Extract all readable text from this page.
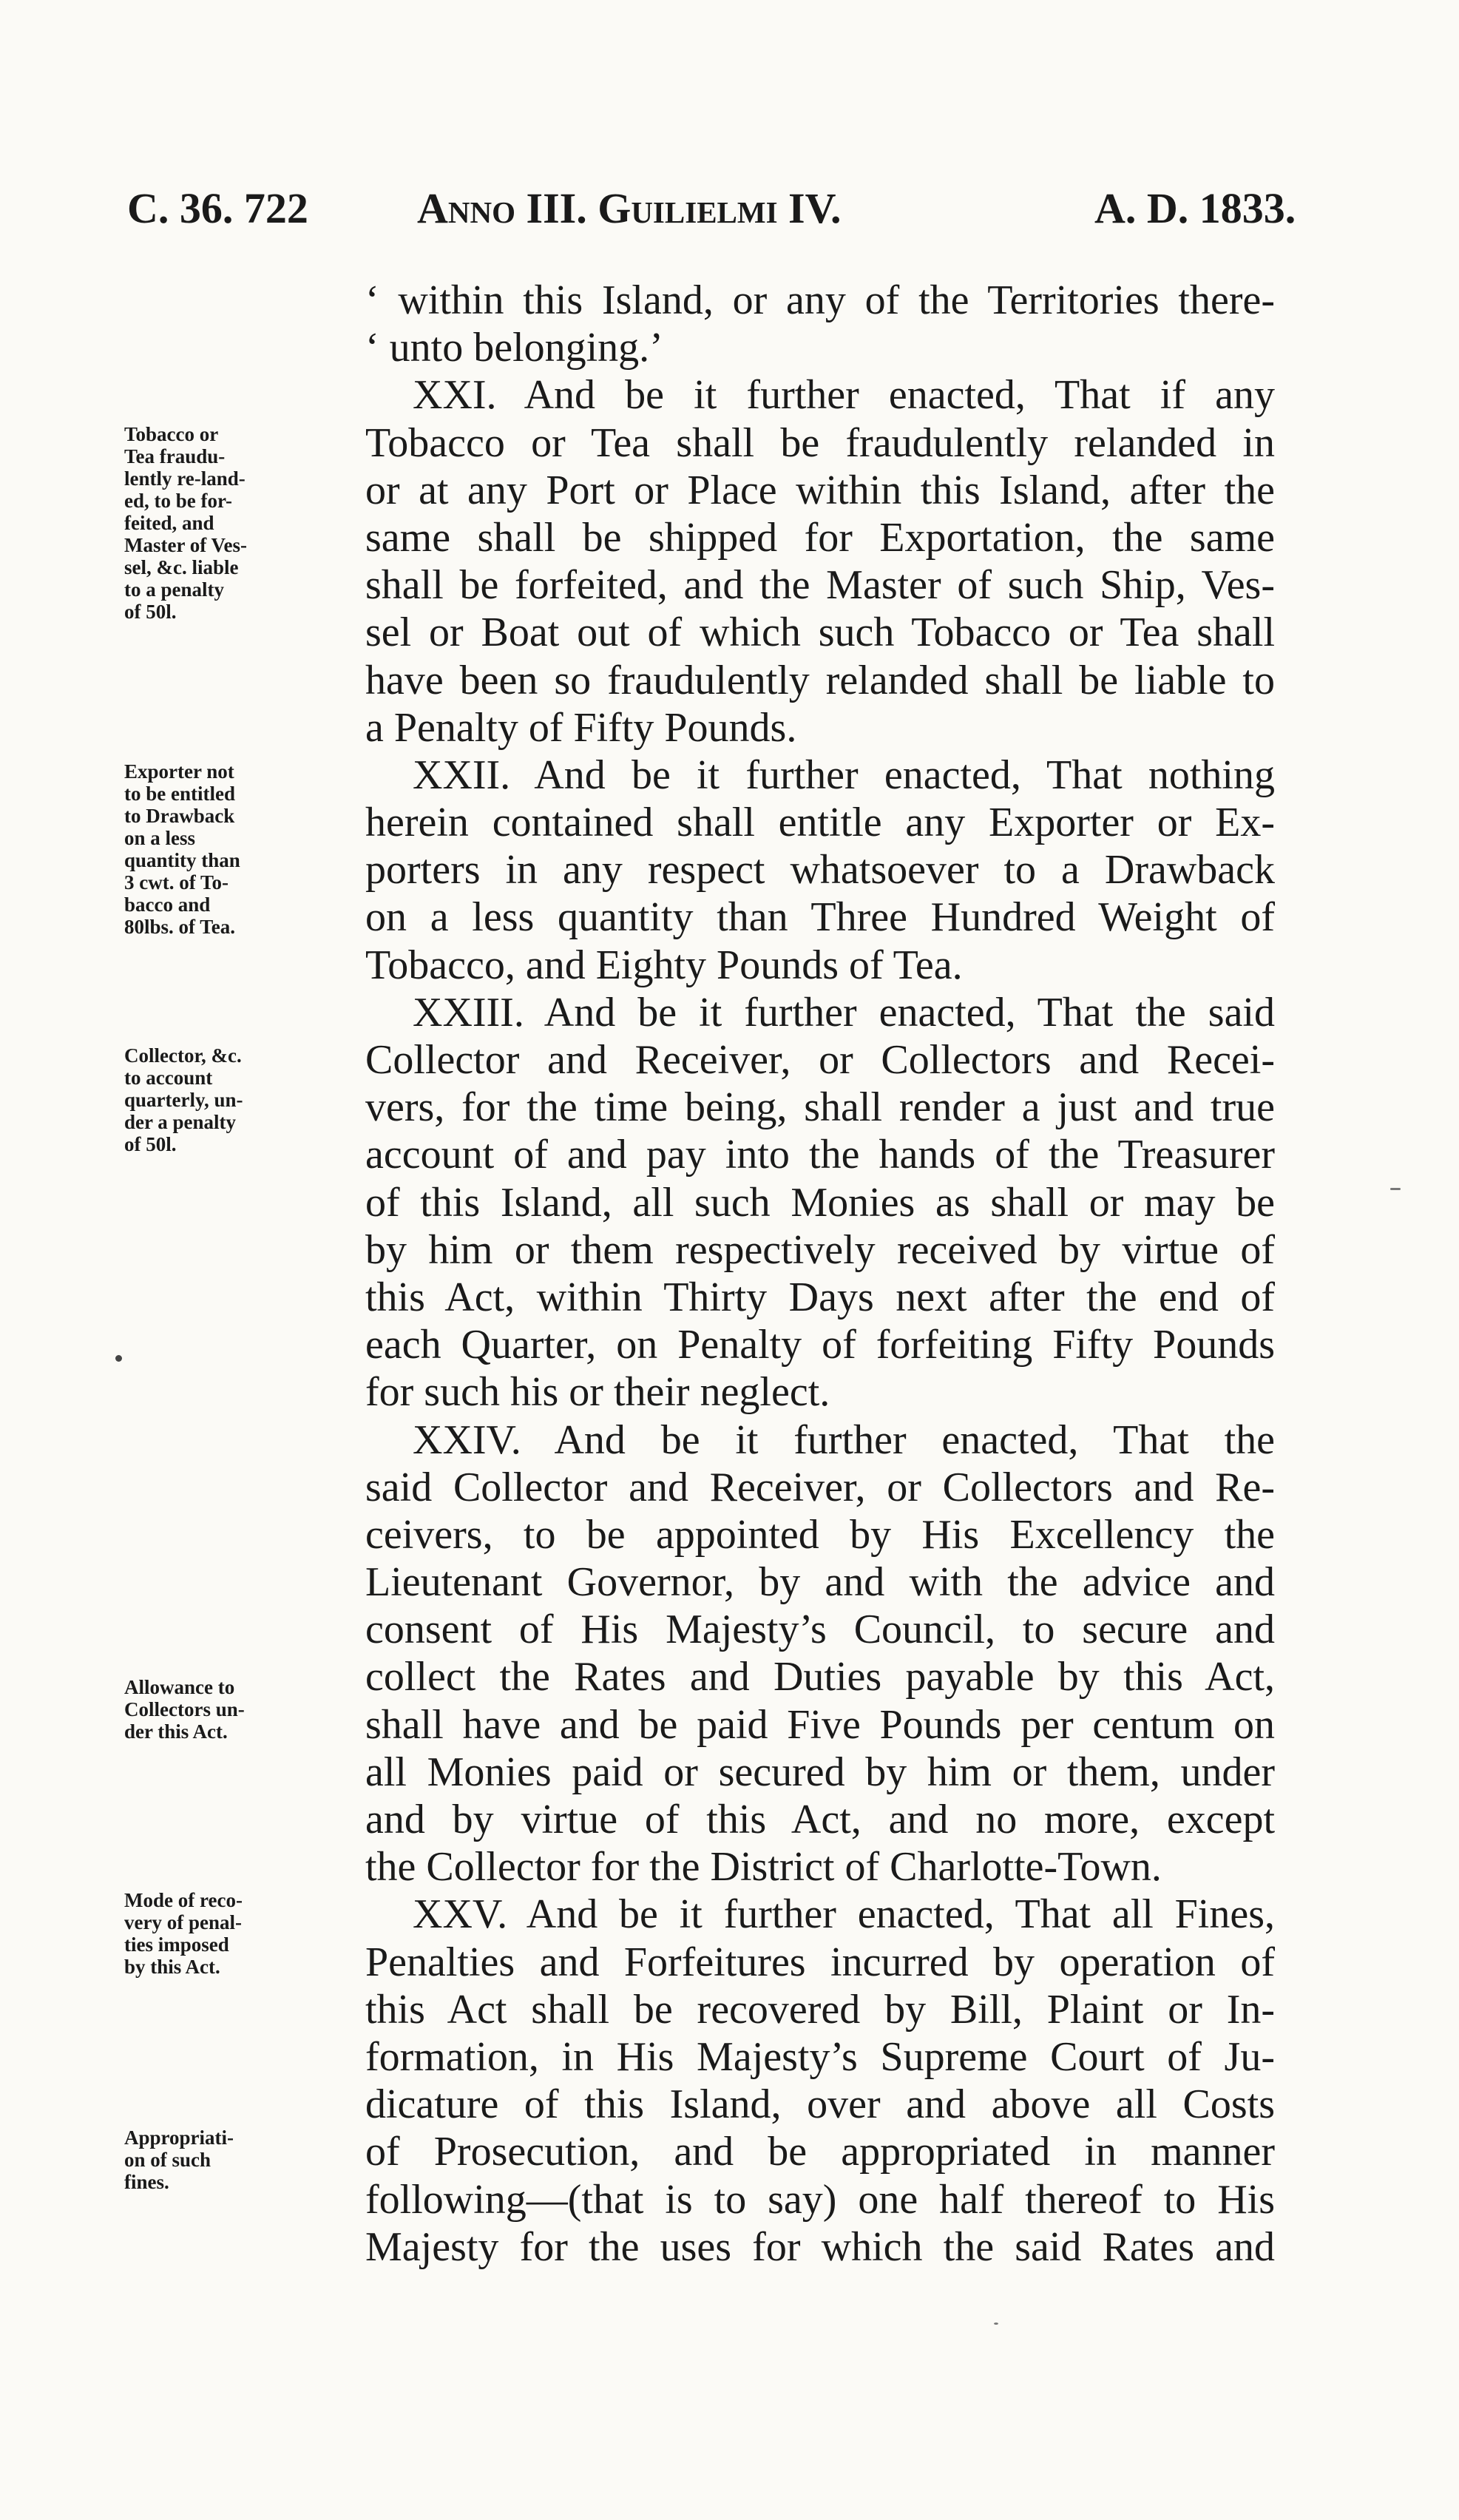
C. 36. 722	Anno III. Guilielmi IV.	A. D. 1833.
‘ within this Island, or any of the Territories there-
‘ unto belonging.’
XXI. And be it further enacted, That if any
Tobacco or Tea shall be fraudulently relanded in
or at any Port or Place within this Island, after the
same shall be shipped for Exportation, the same
shall be forfeited, and the Master of such Ship, Ves-
sel or Boat out of which such Tobacco or Tea shall
have been so fraudulently relanded shall be liable to
a Penalty of Fifty Pounds.
XXII. And be it further enacted, That nothing
herein contained shall entitle any Exporter or Ex-
porters in any respect whatsoever to a Drawback
on a less quantity than Three Hundred Weight of
Tobacco, and Eighty Pounds of Tea.
XXIII. And be it further enacted, That the said
Collector and Receiver, or Collectors and Recei-
vers, for the time being, shall render a just and true
account of and pay into the hands of the Treasurer
of this Island, all such Monies as shall or may be
by him or them respectively received by virtue of
this Act, within Thirty Days next after the end of
each Quarter, on Penalty of forfeiting Fifty Pounds
for such his or their neglect.
XXIV. And be it further enacted, That the
said Collector and Receiver, or Collectors and Re-
ceivers, to be appointed by His Excellency the
Lieutenant Governor, by and with the advice and
consent of His Majesty’s Council, to secure and
collect the Rates and Duties payable by this Act,
shall have and be paid Five Pounds per centum on
all Monies paid or secured by him or them, under
and by virtue of this Act, and no more, except
the Collector for the District of Charlotte-Town.
XXV. And be it further enacted, That all Fines,
Penalties and Forfeitures incurred by operation of
this Act shall be recovered by Bill, Plaint or In-
formation, in His Majesty’s Supreme Court of Ju-
dicature of this Island, over and above all Costs
of Prosecution, and be appropriated in manner
following—(that is to say) one half thereof to His
Majesty for the uses for which the said Rates and
Tobacco or
Tea fraudu-
lently re-land-
ed, to be for-
feited, and
Master of Ves-
sel, &c. liable
to a penalty
of 50l.
Exporter not
to be entitled
to Drawback
on a less
quantity than
3 cwt. of To-
bacco and
80lbs. of Tea.
Collector, &c.
to account
quarterly, un-
der a penalty
of 50l.
Allowance to
Collectors un-
der this Act.
Mode of reco-
very of penal-
ties imposed
by this Act.
Appropriati-
on of such
fines.
